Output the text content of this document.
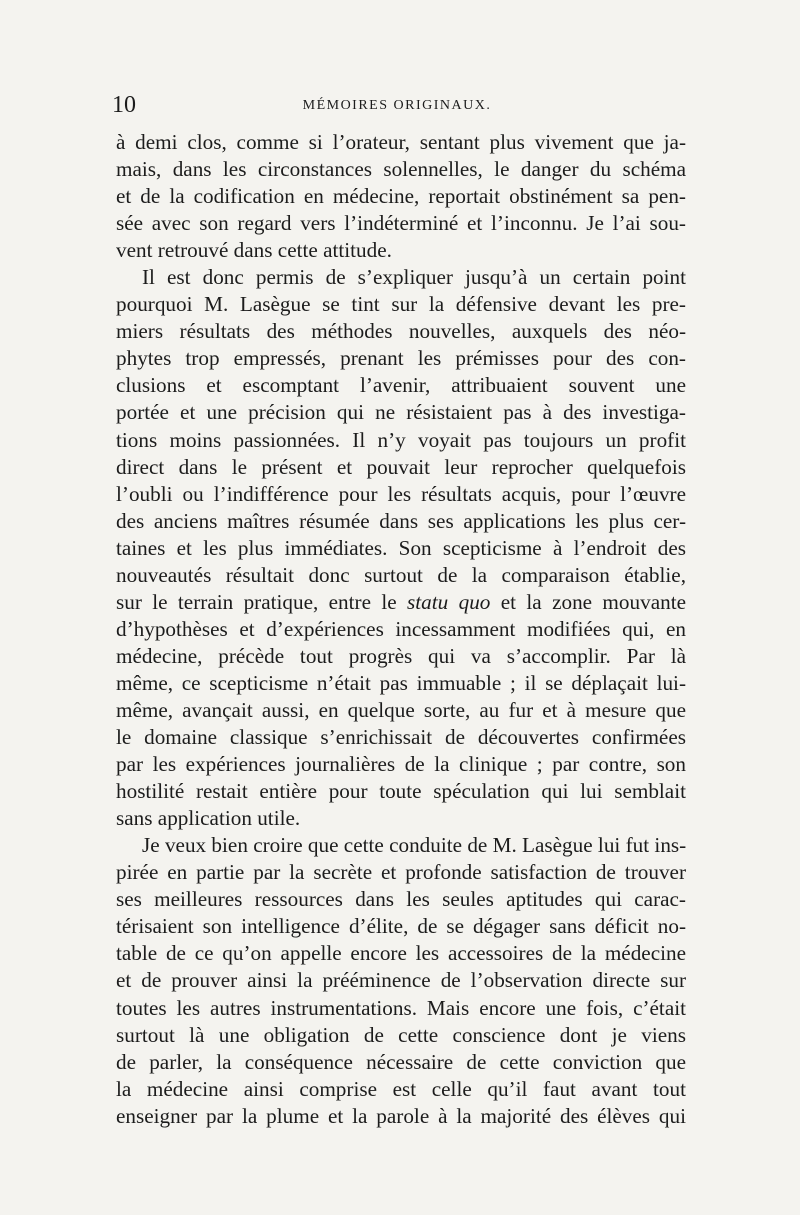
10	MÉMOIRES ORIGINAUX.
à demi clos, comme si l’orateur, sentant plus vivement que ja-
mais, dans les circonstances solennelles, le danger du schéma
et de la codification en médecine, reportait obstinément sa pen-
sée avec son regard vers l’indéterminé et l’inconnu. Je l’ai sou-
vent retrouvé dans cette attitude.
Il est donc permis de s’expliquer jusqu’à un certain point
pourquoi M. Lasègue se tint sur la défensive devant les pre-
miers résultats des méthodes nouvelles, auxquels des néo-
phytes trop empressés, prenant les prémisses pour des con-
clusions et escomptant l’avenir, attribuaient souvent une
portée et une précision qui ne résistaient pas à des investiga-
tions moins passionnées. Il n’y voyait pas toujours un profit
direct dans le présent et pouvait leur reprocher quelquefois
l’oubli ou l’indifférence pour les résultats acquis, pour l’œuvre
des anciens maîtres résumée dans ses applications les plus cer-
taines et les plus immédiates. Son scepticisme à l’endroit des
nouveautés résultait donc surtout de la comparaison établie,
sur le terrain pratique, entre le statu quo et la zone mouvante
d’hypothèses et d’expériences incessamment modifiées qui, en
médecine, précède tout progrès qui va s’accomplir. Par là
même, ce scepticisme n’était pas immuable ; il se déplaçait lui-
même, avançait aussi, en quelque sorte, au fur et à mesure que
le domaine classique s’enrichissait de découvertes confirmées
par les expériences journalières de la clinique ; par contre, son
hostilité restait entière pour toute spéculation qui lui semblait
sans application utile.
Je veux bien croire que cette conduite de M. Lasègue lui fut ins-
pirée en partie par la secrète et profonde satisfaction de trouver
ses meilleures ressources dans les seules aptitudes qui carac-
térisaient son intelligence d’élite, de se dégager sans déficit no-
table de ce qu’on appelle encore les accessoires de la médecine
et de prouver ainsi la prééminence de l’observation directe sur
toutes les autres instrumentations. Mais encore une fois, c’était
surtout là une obligation de cette conscience dont je viens
de parler, la conséquence nécessaire de cette conviction que
la médecine ainsi comprise est celle qu’il faut avant tout
enseigner par la plume et la parole à la majorité des élèves qui
